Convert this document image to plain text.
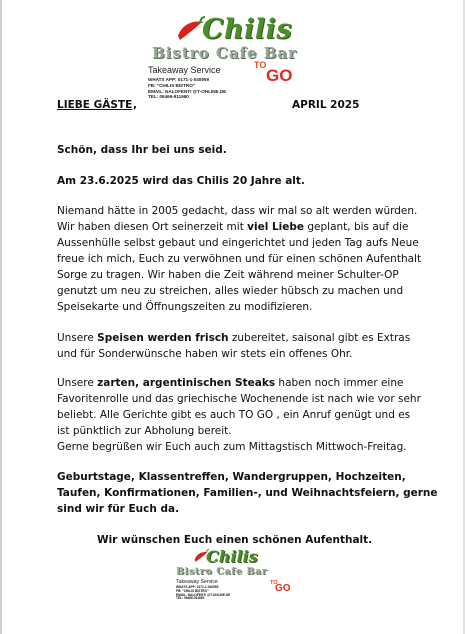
Chilis
Bistro Cafe Bar
Takeaway Service
WHATS APP: 0171-1-040959
FB: "CHILIS BISTRO"
EMAIL: NALOFENTI @T-ONLINE.DE
TEL: 06466-911660
TO
GO
LIEBE GÄSTE ,	APRIL 2025
Schön, dass Ihr bei uns seid.
Am 23.6.2025 wird das Chilis 20 Jahre alt.
Niemand hätte in 2005 gedacht, dass wir mal so alt werden würden.
Wir haben diesen Ort seinerzeit mit viel Liebe geplant, bis auf die
Aussenhülle selbst gebaut und eingerichtet und jeden Tag aufs Neue
freue ich mich, Euch zu verwöhnen und für einen schönen Aufenthalt
Sorge zu tragen. Wir haben die Zeit während meiner Schulter-OP
genutzt um neu zu streichen, alles wieder hübsch zu machen und
Speisekarte und Öffnungszeiten zu modifizieren.
Unsere Speisen werden frisch zubereitet, saisonal gibt es Extras
und für Sonderwünsche haben wir stets ein offenes Ohr.
Unsere zarten, argentinischen Steaks haben noch immer eine
Favoritenrolle und das griechische Wochenende ist nach wie vor sehr
beliebt. Alle Gerichte gibt es auch TO GO , ein Anruf genügt und es
ist pünktlich zur Abholung bereit.
Gerne begrüßen wir Euch auch zum Mittagstisch Mittwoch-Freitag.
Geburtstage, Klassentreffen, Wandergruppen, Hochzeiten,
Taufen, Konfirmationen, Familien-, und Weihnachtsfeiern, gerne
sind wir für Euch da.
Wir wünschen Euch einen schönen Aufenthalt.
Chilis
Bistro Cafe Bar
Takeaway Service
WHATS APP: 0171-1-040959
FB: "CHILIS BISTRO"
EMAIL: NALOFENTI @T-ONLINE.DE
TEL: 06466-911660
TO
GO
